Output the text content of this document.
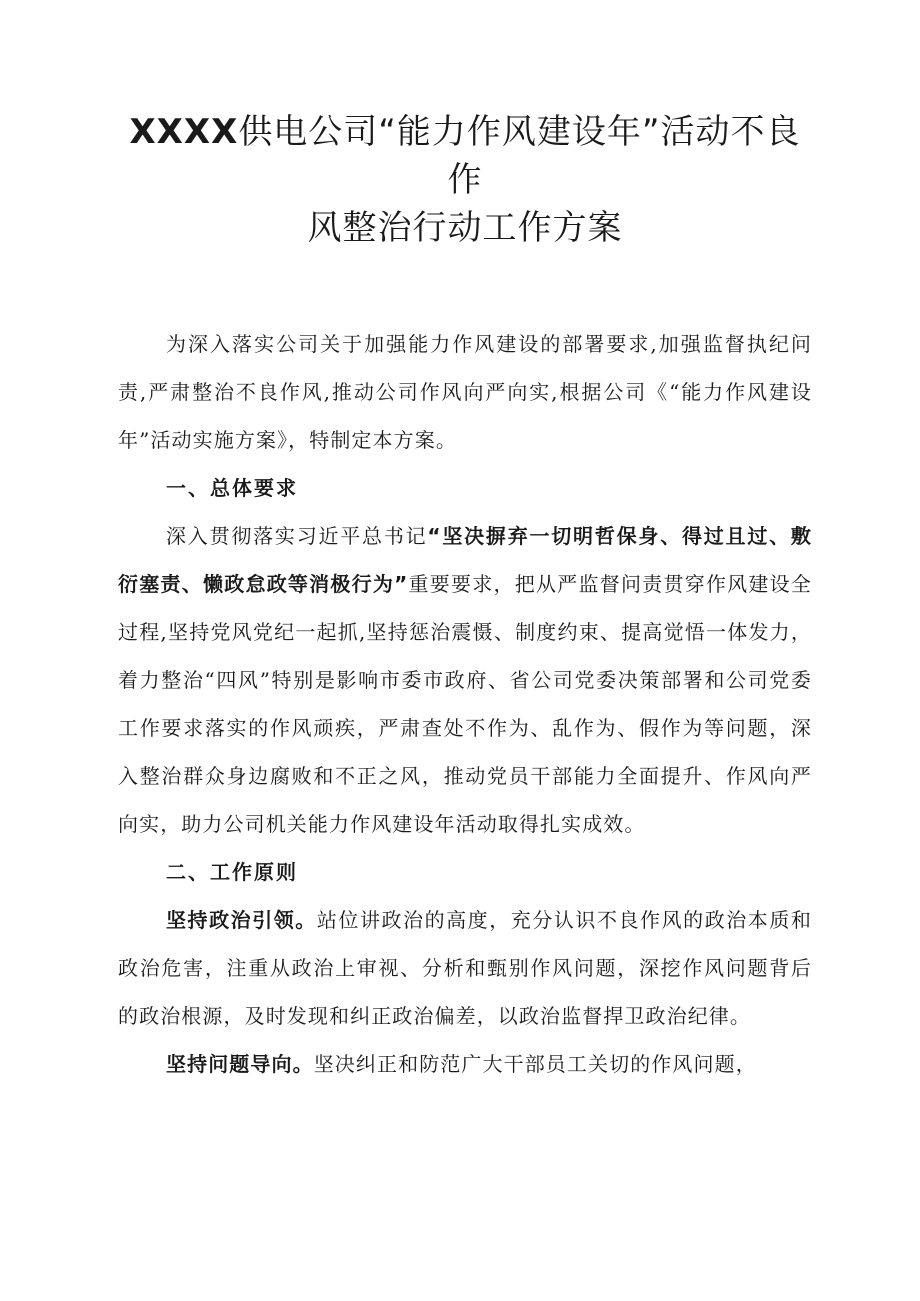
XXXX供电公司“能力作风建设年”活动不良
作
风整治行动工作方案

为深入落实公司关于加强能力作风建设的部署要求,加强监督执纪问责,严肃整治不良作风,推动公司作风向严向实,根据公司《“能力作风建设年”活动实施方案》，特制定本方案。

一、总体要求

深入贯彻落实习近平总书记“坚决摒弃一切明哲保身、得过且过、敷衍塞责、懒政怠政等消极行为”重要要求，把从严监督问责贯穿作风建设全过程,坚持党风党纪一起抓,坚持惩治震慑、制度约束、提高觉悟一体发力，着力整治“四风”特别是影响市委市政府、省公司党委决策部署和公司党委工作要求落实的作风顽疾，严肃查处不作为、乱作为、假作为等问题，深入整治群众身边腐败和不正之风，推动党员干部能力全面提升、作风向严向实，助力公司机关能力作风建设年活动取得扎实成效。

二、工作原则

坚持政治引领。站位讲政治的高度，充分认识不良作风的政治本质和政治危害，注重从政治上审视、分析和甄别作风问题，深挖作风问题背后的政治根源，及时发现和纠正政治偏差，以政治监督捍卫政治纪律。

坚持问题导向。坚决纠正和防范广大干部员工关切的作风问题，
